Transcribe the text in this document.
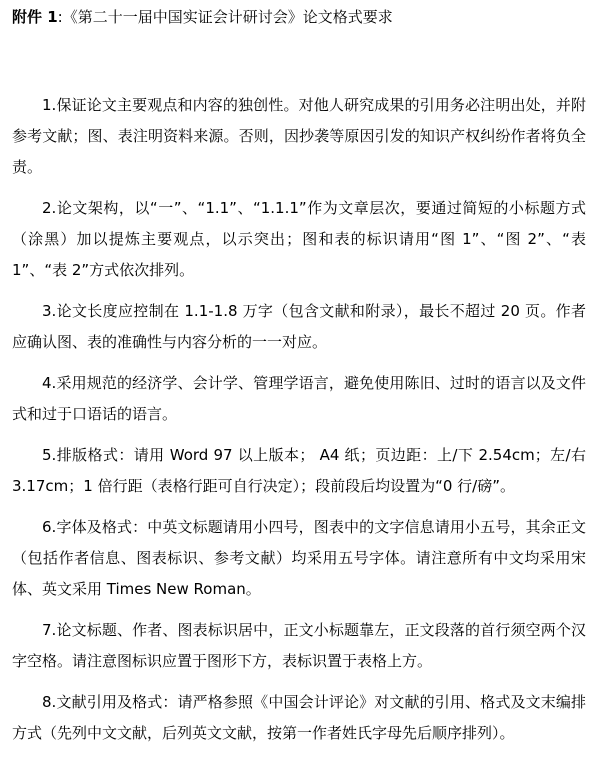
附件 1:《第二十一届中国实证会计研讨会》论文格式要求

1.保证论文主要观点和内容的独创性。对他人研究成果的引用务必注明出处，并附参考文献；图、表注明资料来源。否则，因抄袭等原因引发的知识产权纠纷作者将负全责。

2.论文架构，以“一”、“1.1”、“1.1.1”作为文章层次，要通过简短的小标题方式（涂黑）加以提炼主要观点，以示突出；图和表的标识请用“图 1”、“图 2”、“表 1”、“表 2”方式依次排列。

3.论文长度应控制在 1.1-1.8 万字（包含文献和附录），最长不超过 20 页。作者应确认图、表的准确性与内容分析的一一对应。

4.采用规范的经济学、会计学、管理学语言，避免使用陈旧、过时的语言以及文件式和过于口语话的语言。

5.排版格式：请用 Word 97 以上版本； A4 纸；页边距：上/下 2.54cm；左/右 3.17cm；1 倍行距（表格行距可自行决定）；段前段后均设置为“0 行/磅”。

6.字体及格式：中英文标题请用小四号，图表中的文字信息请用小五号，其余正文（包括作者信息、图表标识、参考文献）均采用五号字体。请注意所有中文均采用宋体、英文采用 Times New Roman。

7.论文标题、作者、图表标识居中，正文小标题靠左，正文段落的首行须空两个汉字空格。请注意图标识应置于图形下方，表标识置于表格上方。

8.文献引用及格式：请严格参照《中国会计评论》对文献的引用、格式及文末编排方式（先列中文文献，后列英文文献，按第一作者姓氏字母先后顺序排列）。
